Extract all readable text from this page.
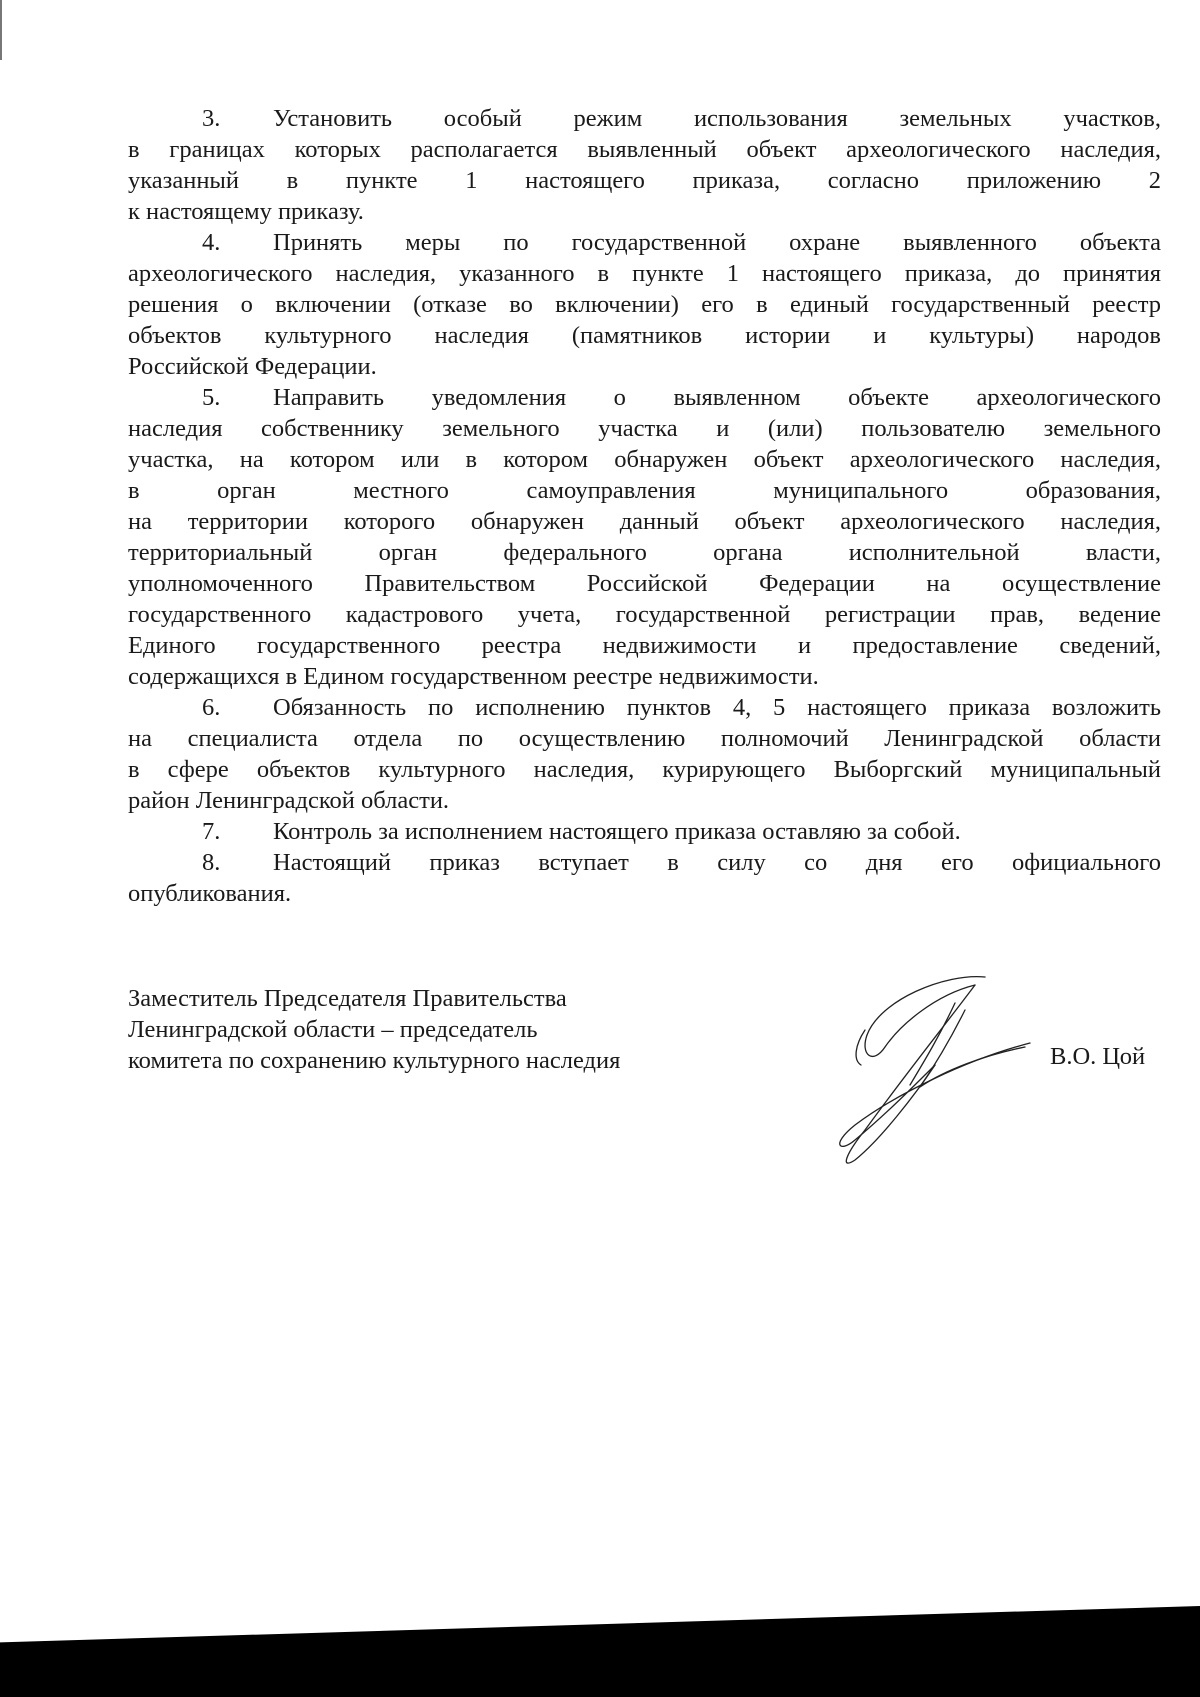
3. Установить особый режим использования земельных участков,

в границах которых располагается выявленный объект археологического наследия,

указанный в пункте 1 настоящего приказа, согласно приложению 2

к настоящему приказу.

4. Принять меры по государственной охране выявленного объекта

археологического наследия, указанного в пункте 1 настоящего приказа, до принятия

решения о включении (отказе во включении) его в единый государственный реестр

объектов культурного наследия (памятников истории и культуры) народов

Российской Федерации.

5. Направить уведомления о выявленном объекте археологического

наследия собственнику земельного участка и (или) пользователю земельного

участка, на котором или в котором обнаружен объект археологического наследия,

в орган местного самоуправления муниципального образования,

на территории которого обнаружен данный объект археологического наследия,

территориальный орган федерального органа исполнительной власти,

уполномоченного Правительством Российской Федерации на осуществление

государственного кадастрового учета, государственной регистрации прав, ведение

Единого государственного реестра недвижимости и предоставление сведений,

содержащихся в Едином государственном реестре недвижимости.

6. Обязанность по исполнению пунктов 4, 5 настоящего приказа возложить

на специалиста отдела по осуществлению полномочий Ленинградской области

в сфере объектов культурного наследия, курирующего Выборгский муниципальный

район Ленинградской области.

7. Контроль за исполнением настоящего приказа оставляю за собой.

8. Настоящий приказ вступает в силу со дня его официального

опубликования.

Заместитель Председателя Правительства

Ленинградской области – председатель

комитета по сохранению культурного наследия	В.О. Цой
